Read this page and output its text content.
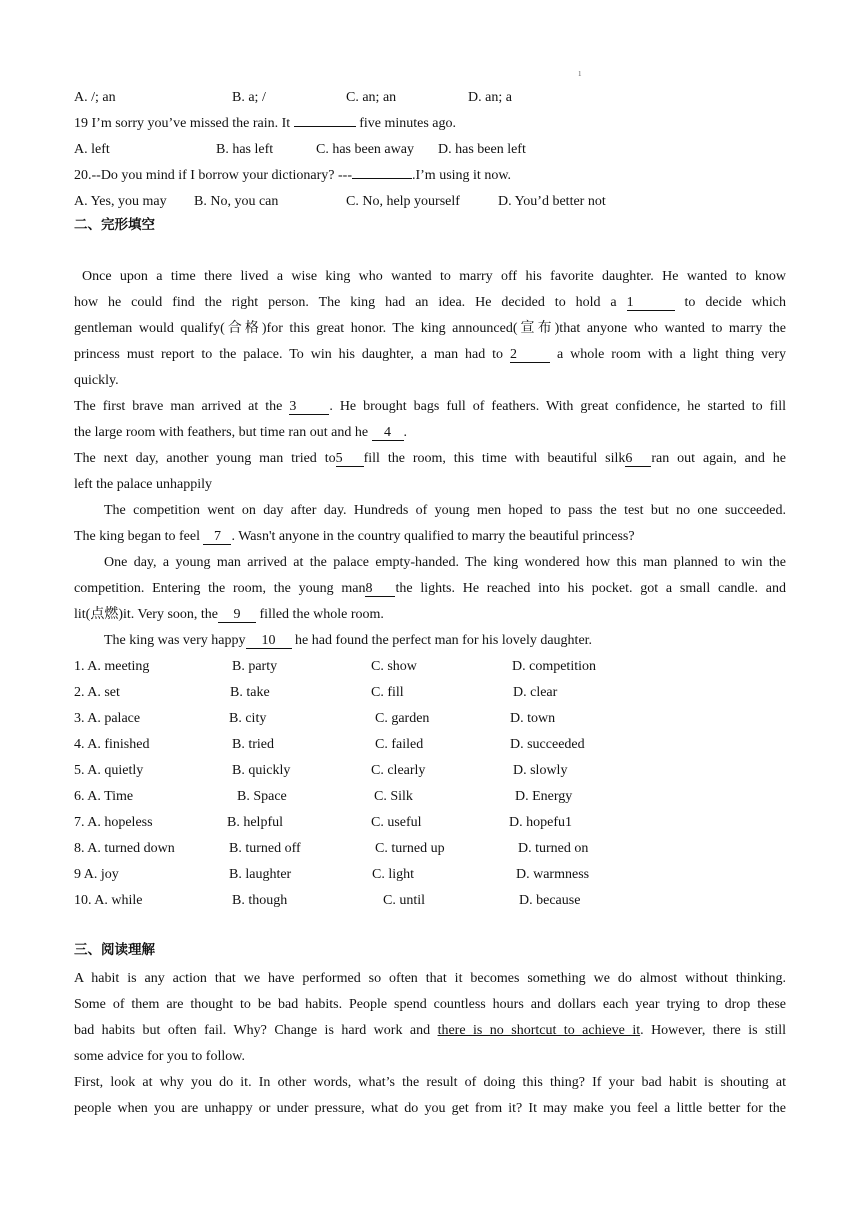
1
A. /; an	B. a; /	C. an; an	D. an; a
19 I’m sorry you’ve missed the rain. It	five minutes ago.
A. left	B. has left	C. has been away D. has been left
20.--Do you mind if I borrow your dictionary? ---	.I’m using it now.
A. Yes, you may B. No, you can	C. No, help yourself	D. You’d better not
二、完形填空
Once upon a time there lived a wise king who wanted to marry off his favorite daughter. He wanted to know
how he could find the right person. The king had an idea. He decided to hold a 1	to decide which
gentleman would qualify(合格)for this great honor. The king announced(宣布)that anyone who wanted to marry the
princess must report to the palace. To win his daughter, a man had to 2	a whole room with a light thing very
quickly.
The first brave man arrived at the 3 . He brought bags full of feathers. With great confidence, he started to fill
the large room with feathers, but time ran out and he 4 .
The next day, another young man tried to5 fill the room, this time with beautiful silk6 ran out again, and he
left the palace unhappily
The competition went on day after day. Hundreds of young men hoped to pass the test but no one succeeded.
The king began to feel 7 . Wasn't anyone in the country qualified to marry the beautiful princess?
One day, a young man arrived at the palace empty-handed. The king wondered how this man planned to win the
competition. Entering the room, the young man8 the lights. He reached into his pocket. got a small candle. and
lit(点燃)it. Very soon, the 9 filled the whole room.
The king was very happy 10 he had found the perfect man for his lovely daughter.
1. A. meeting	B. party	C. show	D. competition
2. A. set	B. take	C. fill	D. clear
3. A. palace	B. city	C. garden	D. town
4. A. finished	B. tried	C. failed	D. succeeded
5. A. quietly	B. quickly	C. clearly	D. slowly
6. A. Time	B. Space	C. Silk	D. Energy
7. A. hopeless	B. helpful	C. useful	D. hopefu1
8. A. turned down	B. turned off	C. turned up	D. turned on
9 A. joy	B. laughter	C. light	D. warmness
10. A. while	B. though	C. until	D. because
三、阅读理解
A habit is any action that we have performed so often that it becomes something we do almost without thinking.
Some of them are thought to be bad habits. People spend countless hours and dollars each year trying to drop these
bad habits but often fail. Why? Change is hard work and there is no shortcut to achieve it. However, there is still
some advice for you to follow.
First, look at why you do it. In other words, what’s the result of doing this thing? If your bad habit is shouting at
people when you are unhappy or under pressure, what do you get from it? It may make you feel a little better for the
